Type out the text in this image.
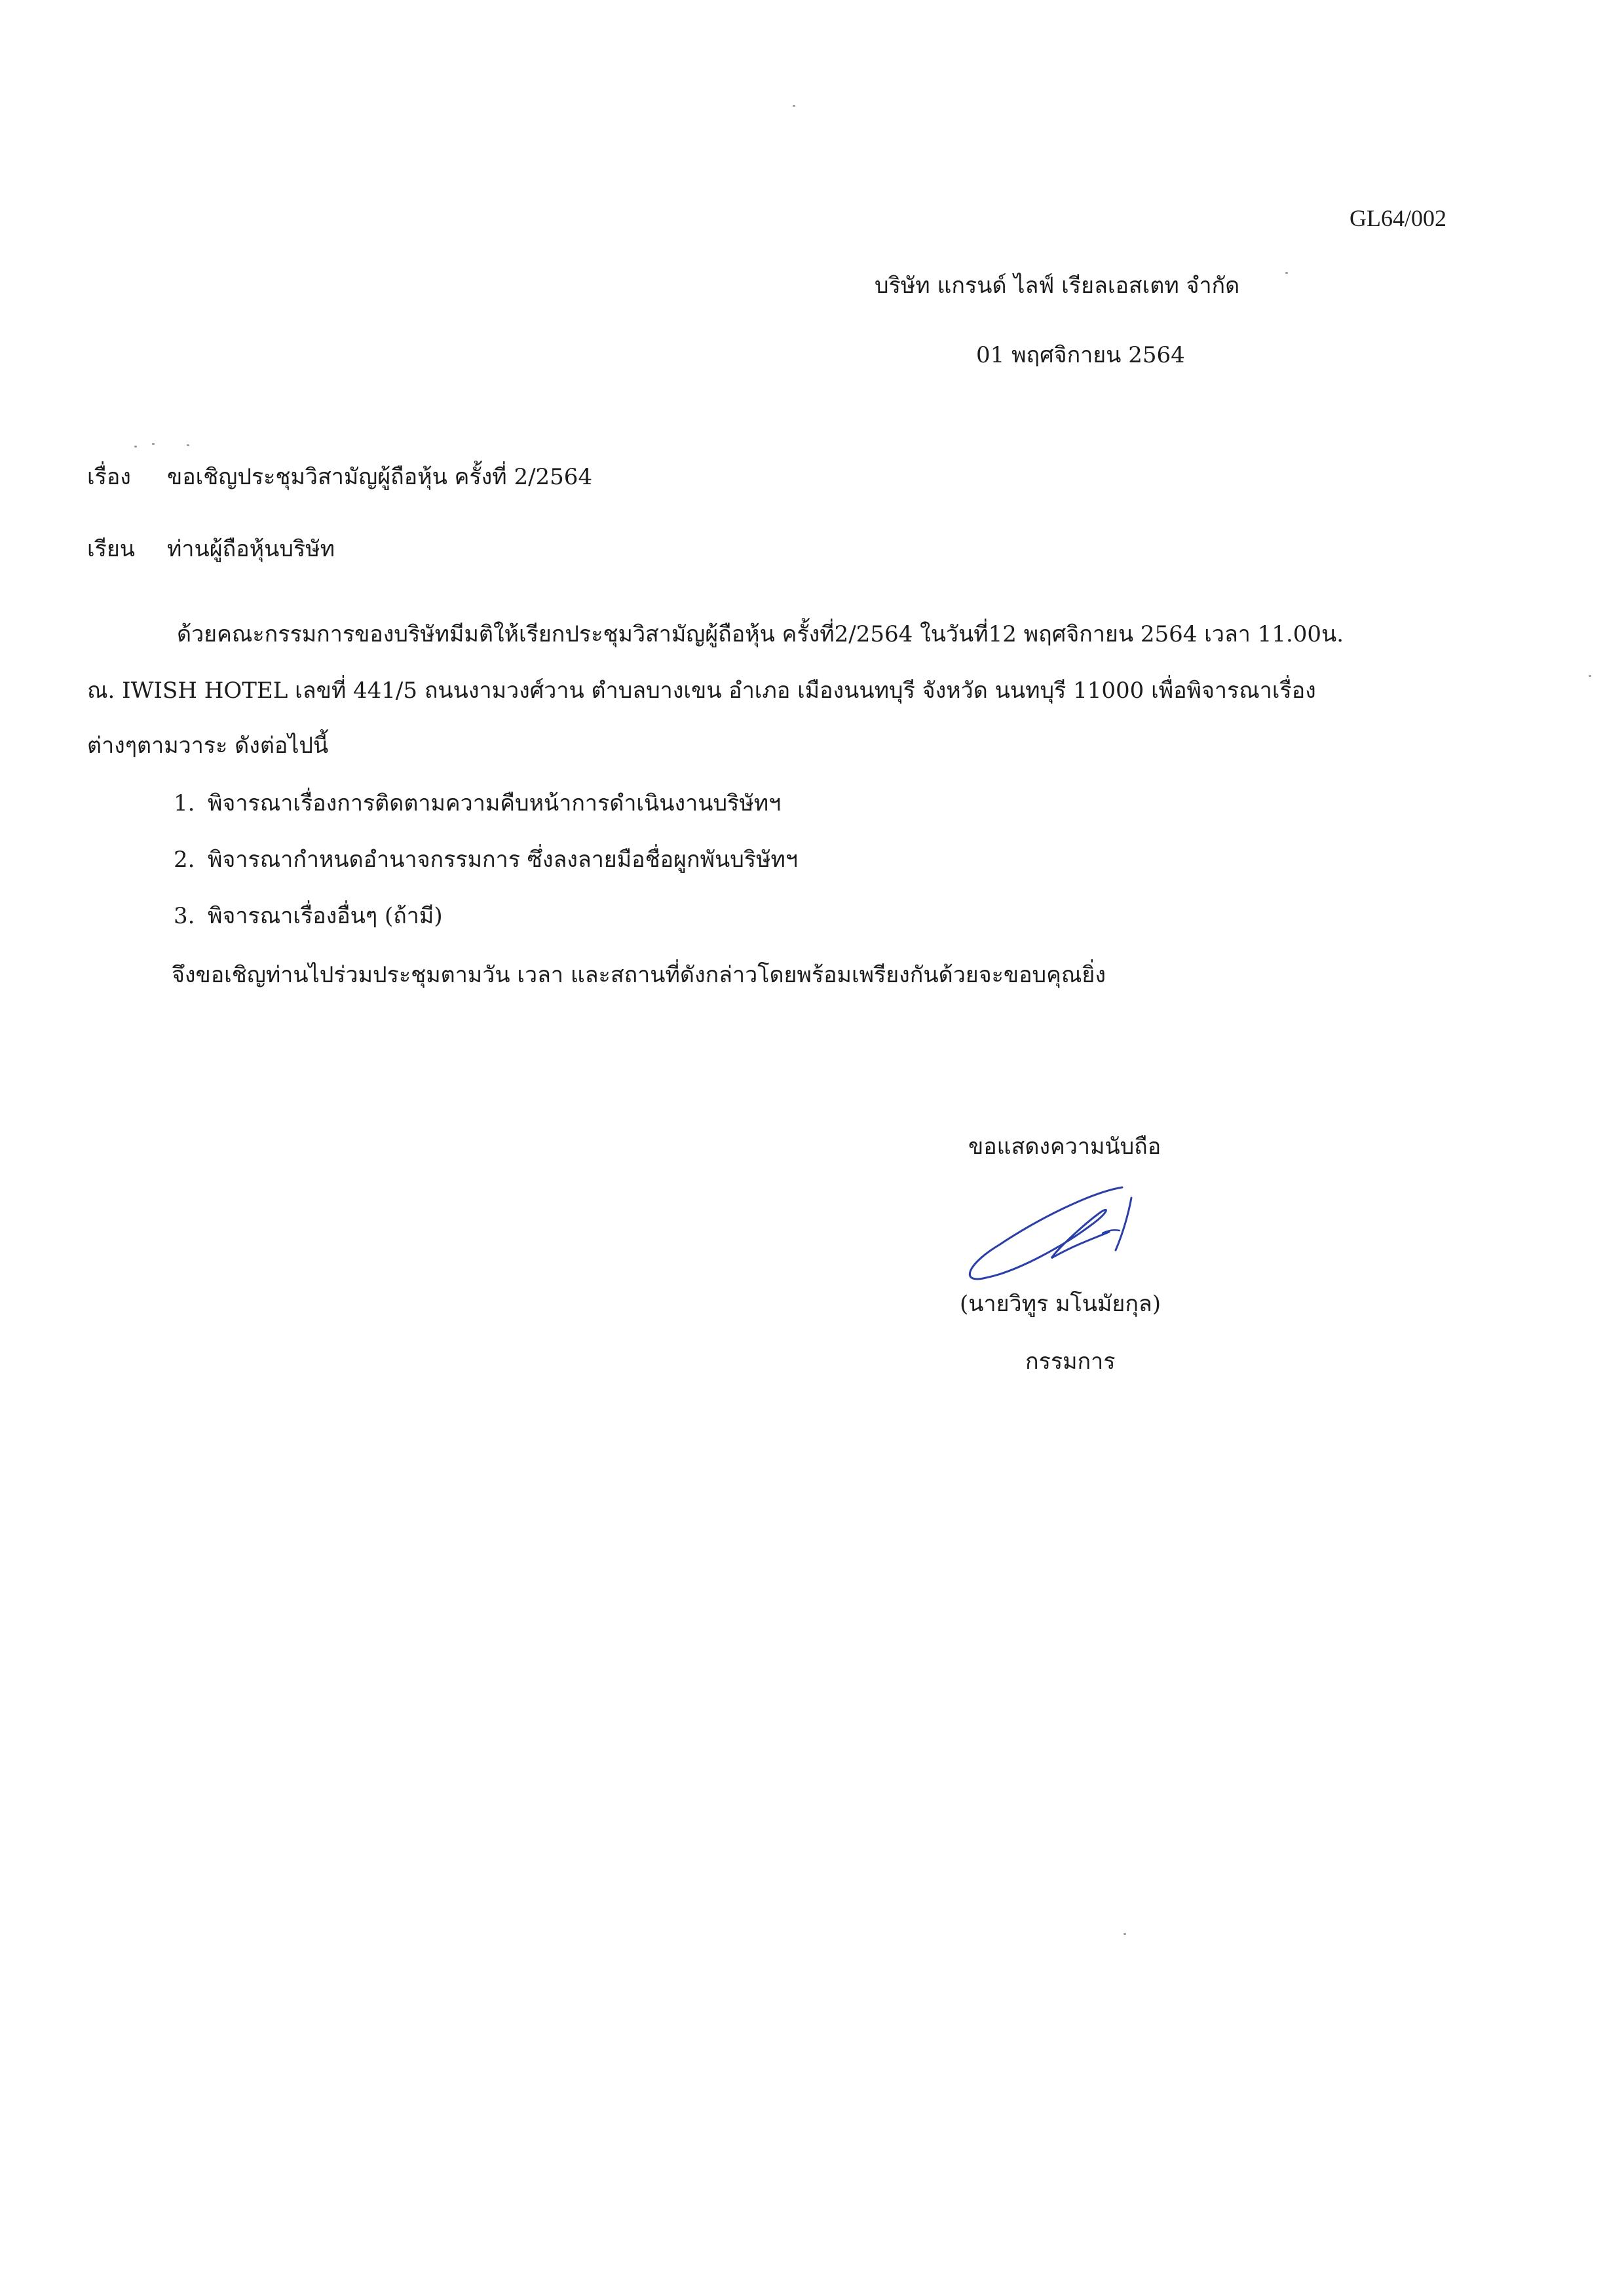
GL64/002
บริษัท แกรนด์ ไลฟ์ เรียลเอสเตท จำกัด
01 พฤศจิกายน 2564
เรื่อง ขอเชิญประชุมวิสามัญผู้ถือหุ้น ครั้งที่ 2/2564
เรียน ท่านผู้ถือหุ้นบริษัท
ด้วยคณะกรรมการของบริษัทมีมติให้เรียกประชุมวิสามัญผู้ถือหุ้น ครั้งที่2/2564 ในวันที่12 พฤศจิกายน 2564 เวลา 11.00น.
ณ. IWISH HOTEL เลขที่ 441/5 ถนนงามวงศ์วาน ตำบลบางเขน อำเภอ เมืองนนทบุรี จังหวัด นนทบุรี 11000 เพื่อพิจารณาเรื่อง
ต่างๆตามวาระ ดังต่อไปนี้
1. พิจารณาเรื่องการติดตามความคืบหน้าการดำเนินงานบริษัทฯ
2. พิจารณากำหนดอำนาจกรรมการ ซึ่งลงลายมือชื่อผูกพันบริษัทฯ
3. พิจารณาเรื่องอื่นๆ (ถ้ามี)
จึงขอเชิญท่านไปร่วมประชุมตามวัน เวลา และสถานที่ดังกล่าวโดยพร้อมเพรียงกันด้วยจะขอบคุณยิ่ง
ขอแสดงความนับถือ
(นายวิทูร มโนมัยกุล)
กรรมการ
